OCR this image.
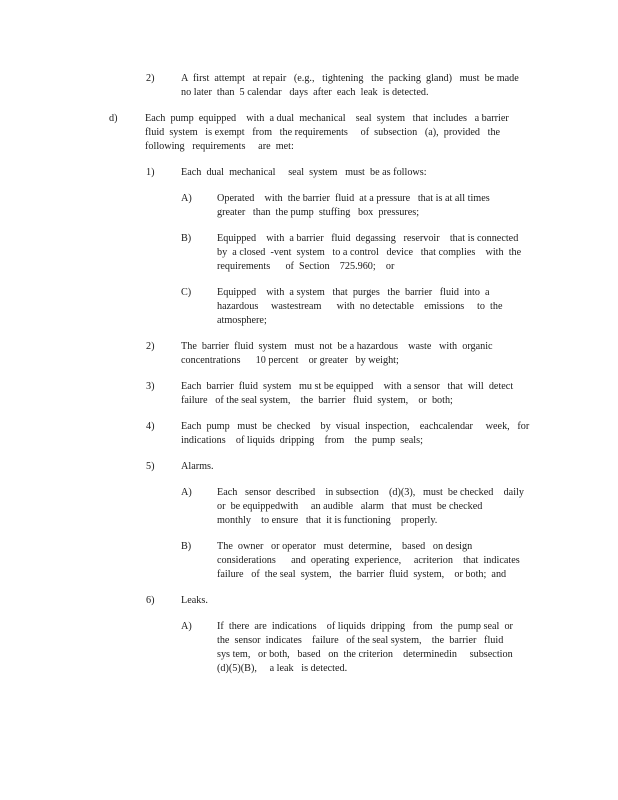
2)	A  first  attempt   at repair   (e.g.,   tightening   the  packing  gland)   must  be made
no later  than  5 calendar   days  after  each  leak  is detected.
d)	Each  pump  equipped    with  a dual  mechanical    seal  system   that  includes   a barrier
fluid  system   is exempt   from   the requirements     of  subsection   (a),  provided   the
following   requirements     are  met:
1)	Each  dual  mechanical     seal  system   must  be as follows:
A) Operated    with  the barrier  fluid  at a pressure   that is at all times
greater   than  the pump  stuffing   box  pressures;
B)	Equipped    with  a barrier   fluid  degassing   reservoir    that is connected
by  a closed  -vent  system   to a control   device   that complies    with  the
requirements      of  Section    725.960;    or
C)	Equipped    with  a system   that  purges   the  barrier   fluid  into  a
hazardous     wastestream      with  no detectable    emissions     to  the
atmosphere;
2)	The  barrier  fluid  system   must  not  be a hazardous    waste   with  organic
concentrations      10 percent    or greater   by weight;
3)	Each  barrier  fluid  system   mu st be equipped    with  a sensor   that  will  detect
failure   of the seal system,    the  barrier   fluid  system,    or  both;
4)	Each  pump   must  be  checked    by  visual  inspection,    eachcalendar     week,   for
indications    of liquids  dripping    from    the  pump  seals;
5)	Alarms.
A) Each   sensor  described    in subsection    (d)(3),   must  be checked    daily
or  be equippedwith     an audible   alarm   that  must  be checked
monthly    to ensure   that  it is functioning    properly.
B)	The  owner   or operator   must  determine,    based   on design
considerations      and  operating  experience,     acriterion    that  indicates
failure   of  the seal  system,   the  barrier  fluid  system,    or both;  and
6)	Leaks.
A) If  there  are  indications    of liquids  dripping   from   the  pump seal  or
the  sensor  indicates    failure   of the seal system,    the  barrier   fluid
sys tem,   or both,   based   on  the criterion    determinedin     subsection
(d)(5)(B),     a leak   is detected.
